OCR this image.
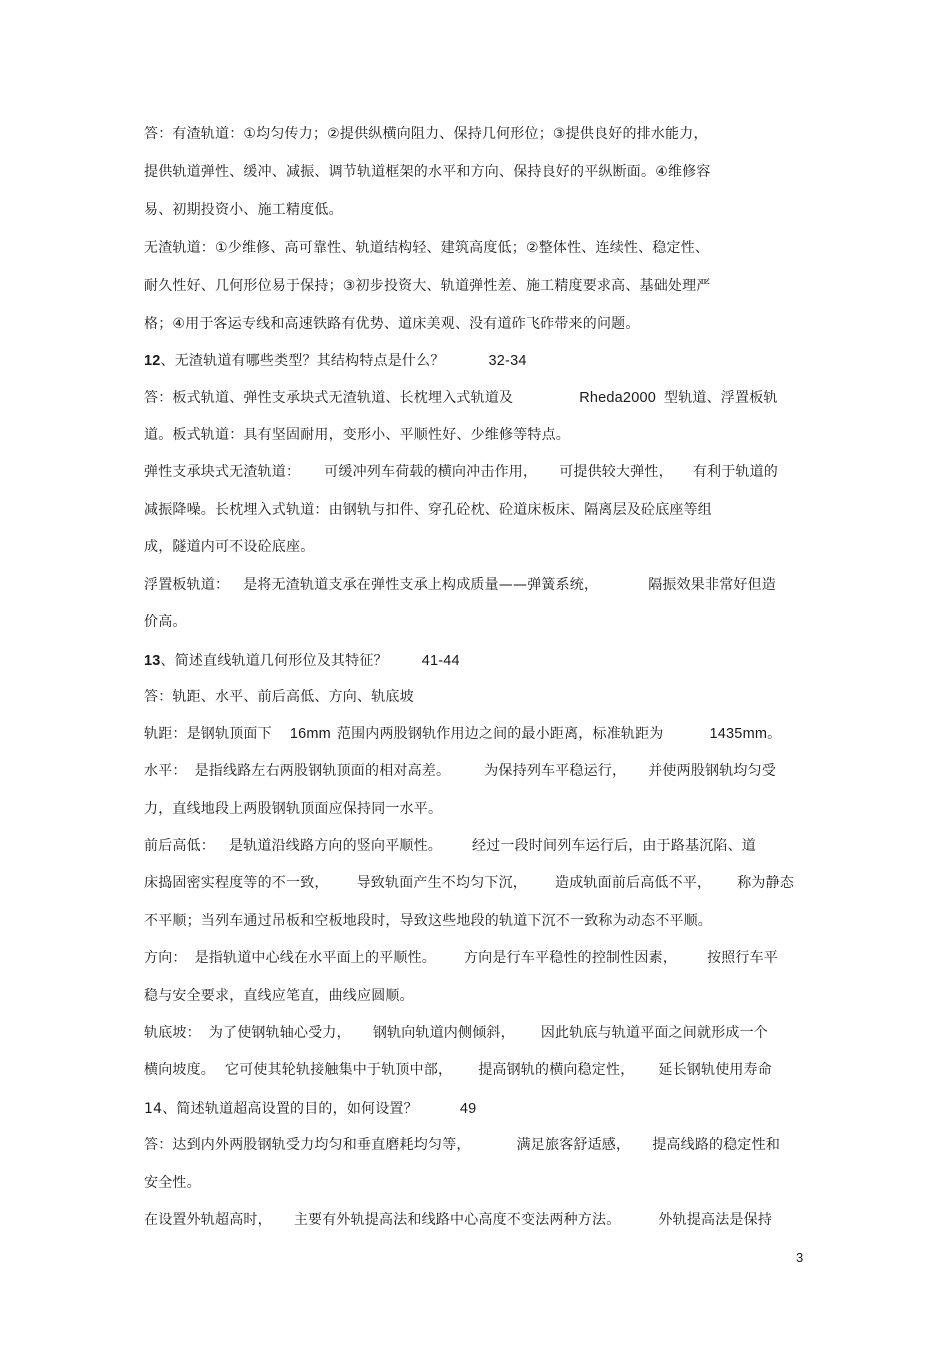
答：有渣轨道：①均匀传力；②提供纵横向阻力、保持几何形位；③提供良好的排水能力，
提供轨道弹性、缓冲、减振、调节轨道框架的水平和方向、保持良好的平纵断面。④维修容
易、初期投资小、施工精度低。
无渣轨道：①少维修、高可靠性、轨道结构轻、建筑高度低；②整体性、连续性、稳定性、
耐久性好、几何形位易于保持；③初步投资大、轨道弹性差、施工精度要求高、基础处理严
格；④用于客运专线和高速铁路有优势、道床美观、没有道砟飞砟带来的问题。
12、无渣轨道有哪些类型？其结构特点是什么？	32-34
答：板式轨道、弹性支承块式无渣轨道、长枕埋入式轨道及	Rheda2000 型轨道、浮置板轨
道。板式轨道：具有坚固耐用，变形小、平顺性好、少维修等特点。
弹性支承块式无渣轨道： 可缓冲列车荷载的横向冲击作用， 可提供较大弹性， 有利于轨道的
减振降噪。长枕埋入式轨道：由钢轨与扣件、穿孔砼枕、砼道床板床、隔离层及砼底座等组
成，隧道内可不设砼底座。
浮置板轨道： 是将无渣轨道支承在弹性支承上构成质量——弹簧系统，	隔振效果非常好但造
价高。
13、简述直线轨道几何形位及其特征？ 41-44
答：轨距、水平、前后高低、方向、轨底坡
轨距：是钢轨顶面下 16mm 范围内两股钢轨作用边之间的最小距离，标准轨距为	1435mm。
水平： 是指线路左右两股钢轨顶面的相对高差。 为保持列车平稳运行， 并使两股钢轨均匀受
力，直线地段上两股钢轨顶面应保持同一水平。
前后高低： 是轨道沿线路方向的竖向平顺性。 经过一段时间列车运行后，由于路基沉陷、道
床捣固密实程度等的不一致， 导致轨面产生不均匀下沉， 造成轨面前后高低不平， 称为静态
不平顺；当列车通过吊板和空板地段时，导致这些地段的轨道下沉不一致称为动态不平顺。
方向： 是指轨道中心线在水平面上的平顺性。 方向是行车平稳性的控制性因素， 按照行车平
稳与安全要求，直线应笔直，曲线应圆顺。
轨底坡： 为了使钢轨轴心受力， 钢轨向轨道内侧倾斜， 因此轨底与轨道平面之间就形成一个
横向坡度。 它可使其轮轨接触集中于轨顶中部， 提高钢轨的横向稳定性， 延长钢轨使用寿命
14、简述轨道超高设置的目的，如何设置？	49
答：达到内外两股钢轨受力均匀和垂直磨耗均匀等，	满足旅客舒适感， 提高线路的稳定性和
安全性。
在设置外轨超高时， 主要有外轨提高法和线路中心高度不变法两种方法。	外轨提高法是保持
3
